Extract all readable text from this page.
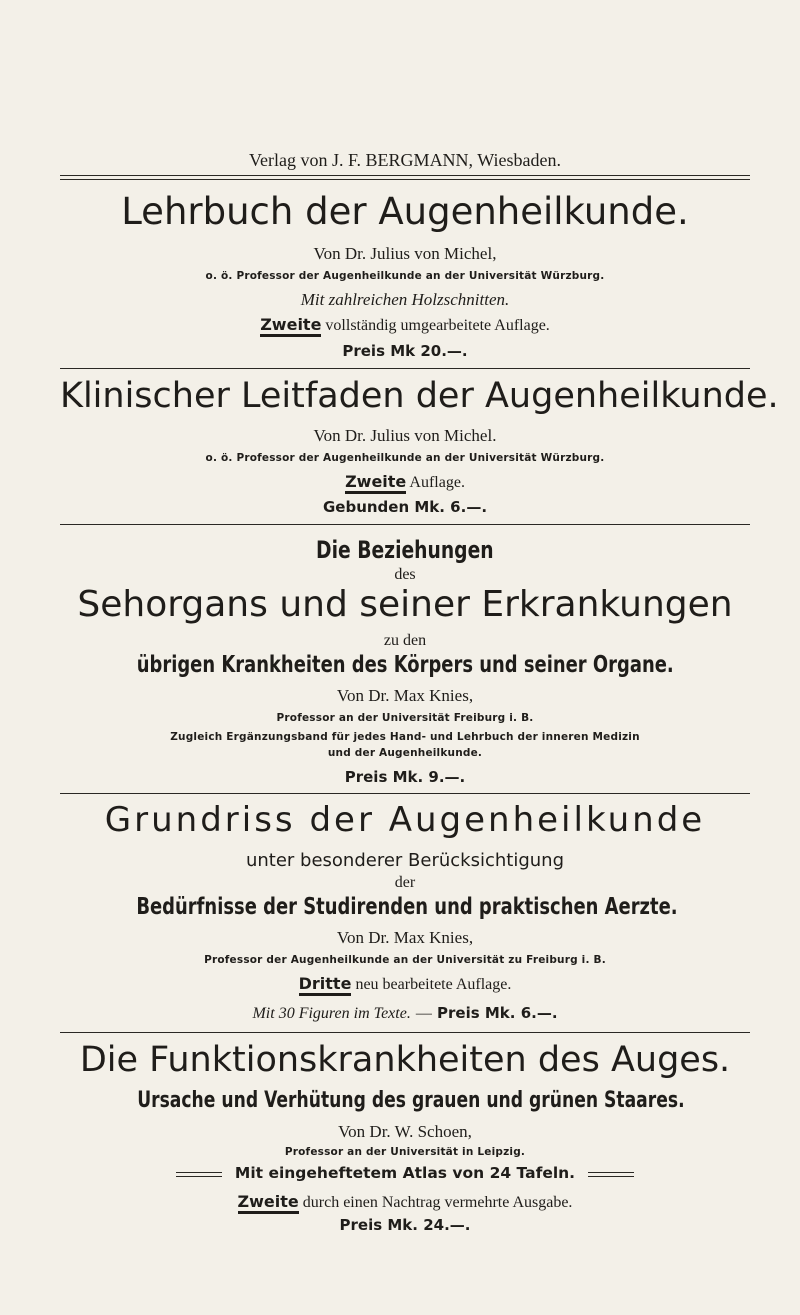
Verlag von J. F. BERGMANN, Wiesbaden.
Lehrbuch der Augenheilkunde.
Von Dr. Julius von Michel,
o. ö. Professor der Augenheilkunde an der Universität Würzburg.
Mit zahlreichen Holzschnitten.
Zweite vollständig umgearbeitete Auflage.
Preis Mk 20.—.
Klinischer Leitfaden der Augenheilkunde.
Von Dr. Julius von Michel.
o. ö. Professor der Augenheilkunde an der Universität Würzburg.
Zweite Auflage.
Gebunden Mk. 6.—.
Die Beziehungen
des
Sehorgans und seiner Erkrankungen
zu den
übrigen Krankheiten des Körpers und seiner Organe.
Von Dr. Max Knies,
Professor an der Universität Freiburg i. B.
Zugleich Ergänzungsband für jedes Hand- und Lehrbuch der inneren Medizin
und der Augenheilkunde.
Preis Mk. 9.—.
Grundriss der Augenheilkunde
unter besonderer Berücksichtigung
der
Bedürfnisse der Studirenden und praktischen Aerzte.
Von Dr. Max Knies,
Professor der Augenheilkunde an der Universität zu Freiburg i. B.
Dritte neu bearbeitete Auflage.
Mit 30 Figuren im Texte. — Preis Mk. 6.—.
Die Funktionskrankheiten des Auges.
Ursache und Verhütung des grauen und grünen Staares.
Von Dr. W. Schoen,
Professor an der Universität in Leipzig.
Mit eingeheftetem Atlas von 24 Tafeln.
Zweite durch einen Nachtrag vermehrte Ausgabe.
Preis Mk. 24.—.
